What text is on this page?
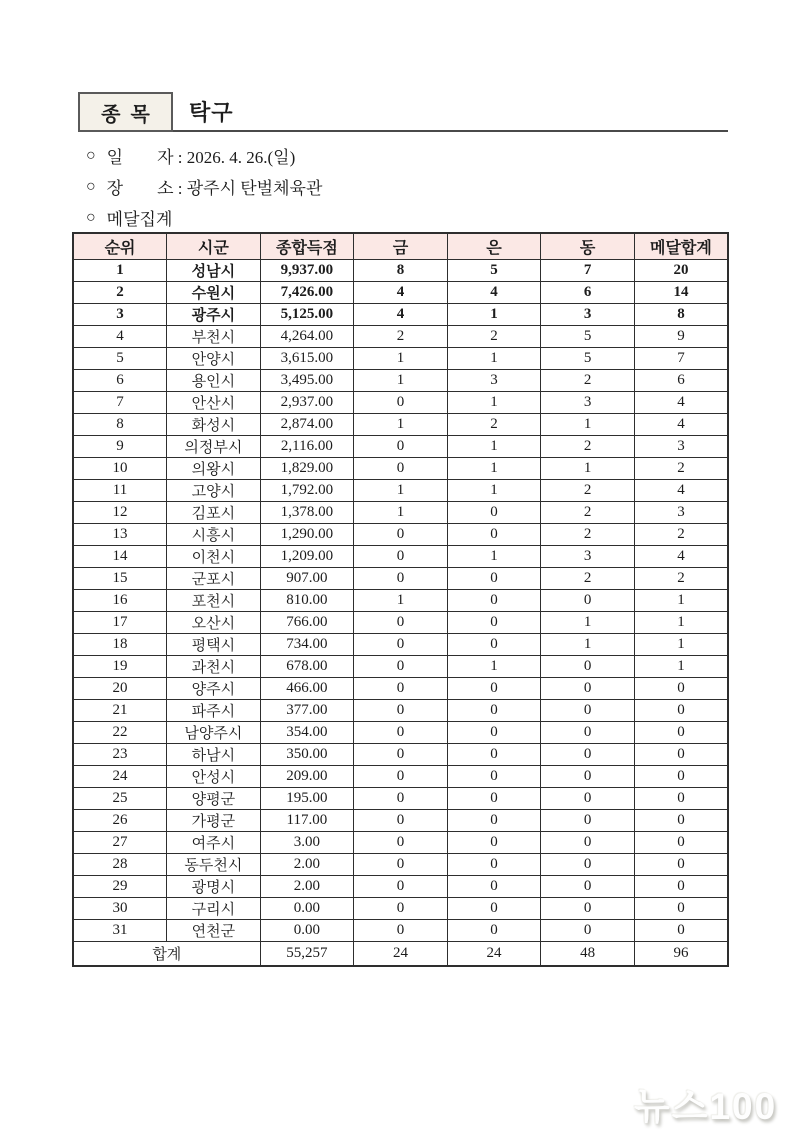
종  목 탁구
○ 일        자 : 2026. 4. 26.(일)
○ 장        소 : 광주시 탄벌체육관
○ 메달집계
순위	시군	종합득점	금	은	동	메달합계
1	성남시	9,937.00	8	5	7	20
2	수원시	7,426.00	4	4	6	14
3	광주시	5,125.00	4	1	3	8
4	부천시	4,264.00	2	2	5	9
5	안양시	3,615.00	1	1	5	7
6	용인시	3,495.00	1	3	2	6
7	안산시	2,937.00	0	1	3	4
8	화성시	2,874.00	1	2	1	4
9	의정부시	2,116.00	0	1	2	3
10	의왕시	1,829.00	0	1	1	2
11	고양시	1,792.00	1	1	2	4
12	김포시	1,378.00	1	0	2	3
13	시흥시	1,290.00	0	0	2	2
14	이천시	1,209.00	0	1	3	4
15	군포시	907.00	0	0	2	2
16	포천시	810.00	1	0	0	1
17	오산시	766.00	0	0	1	1
18	평택시	734.00	0	0	1	1
19	과천시	678.00	0	1	0	1
20	양주시	466.00	0	0	0	0
21	파주시	377.00	0	0	0	0
22	남양주시	354.00	0	0	0	0
23	하남시	350.00	0	0	0	0
24	안성시	209.00	0	0	0	0
25	양평군	195.00	0	0	0	0
26	가평군	117.00	0	0	0	0
27	여주시	3.00	0	0	0	0
28	동두천시	2.00	0	0	0	0
29	광명시	2.00	0	0	0	0
30	구리시	0.00	0	0	0	0
31	연천군	0.00	0	0	0	0
합계		55,257	24	24	48	96
뉴스100
